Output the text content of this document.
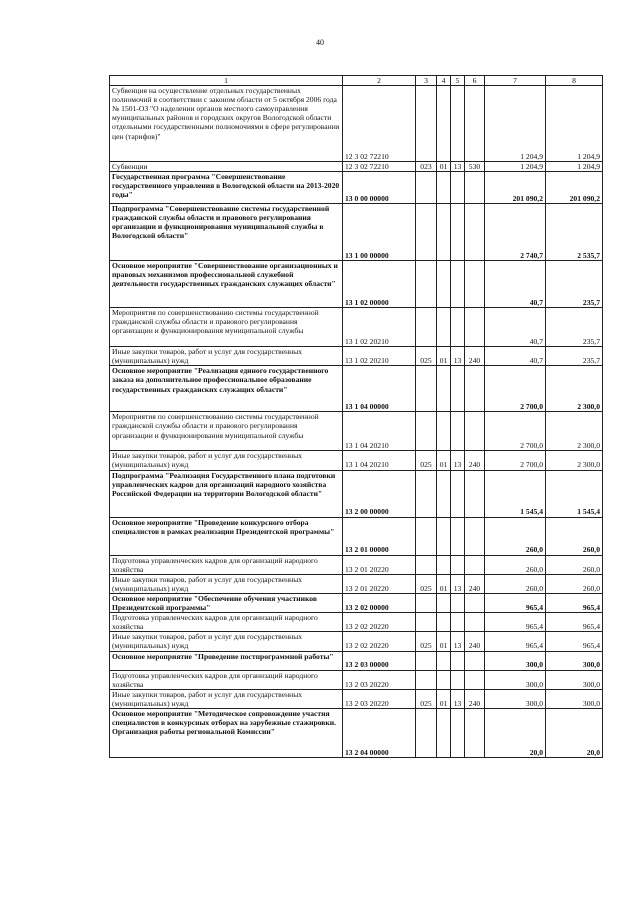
40
1	2	3	4	5	6	7	8
Субвенция на осуществление отдельных государственных полномочий в соответствии с законом области от 5 октября 2006 года № 1501-ОЗ "О наделении органов местного самоуправления муниципальных районов и городских округов Вологодской области отдельными государственными полномочиями в сфере регулирования цен (тарифов)"	12 3 02 72210					1 204,9	1 204,9
Субвенции	12 3 02 72210	023	01	13	530	1 204,9	1 204,9
Государственная программа "Совершенствование государственного управления в Вологодской области на 2013-2020 годы"	13 0 00 00000					201 090,2	201 090,2
Подпрограмма "Совершенствование системы государственной гражданской службы области и правового регулирования организации и функционирования муниципальной службы в Вологодской области"	13 1 00 00000					2 740,7	2 535,7
Основное мероприятие "Совершенствование организационных и правовых механизмов профессиональной служебной деятельности государственных гражданских служащих области"	13 1 02 00000					40,7	235,7
Мероприятия по совершенствованию системы государственной гражданской службы области и правового регулирования организации и функционирования муниципальной службы	13 1 02 20210					40,7	235,7
Иные закупки товаров, работ и услуг для государственных (муниципальных) нужд	13 1 02 20210	025	01	13	240	40,7	235,7
Основное мероприятие "Реализация единого государственного заказа на дополнительное профессиональное образование государственных гражданских служащих области"	13 1 04 00000					2 700,0	2 300,0
Мероприятия по совершенствованию системы государственной гражданской службы области и правового регулирования организации и функционирования муниципальной службы	13 1 04 20210					2 700,0	2 300,0
Иные закупки товаров, работ и услуг для государственных (муниципальных) нужд	13 1 04 20210	025	01	13	240	2 700,0	2 300,0
Подпрограмма "Реализация Государственного плана подготовки управленческих кадров для организаций народного хозяйства Российской Федерации на территории Вологодской области"	13 2 00 00000					1 545,4	1 545,4
Основное мероприятие "Проведение конкурсного отбора специалистов в рамках реализации Президентской программы"	13 2 01 00000					260,0	260,0
Подготовка управленческих кадров для организаций народного хозяйства	13 2 01 20220					260,0	260,0
Иные закупки товаров, работ и услуг для государственных (муниципальных) нужд	13 2 01 20220	025	01	13	240	260,0	260,0
Основное мероприятие "Обеспечение обучения участников Президентской программы"	13 2 02 00000					965,4	965,4
Подготовка управленческих кадров для организаций народного хозяйства	13 2 02 20220					965,4	965,4
Иные закупки товаров, работ и услуг для государственных (муниципальных) нужд	13 2 02 20220	025	01	13	240	965,4	965,4
Основное мероприятие "Проведение постпрограммной работы"	13 2 03 00000					300,0	300,0
Подготовка управленческих кадров для организаций народного хозяйства	13 2 03 20220					300,0	300,0
Иные закупки товаров, работ и услуг для государственных (муниципальных) нужд	13 2 03 20220	025	01	13	240	300,0	300,0
Основное мероприятие "Методическое сопровождение участия специалистов в конкурсных отборах на зарубежные стажировки. Организация работы региональной Комиссии"	13 2 04 00000					20,0	20,0
